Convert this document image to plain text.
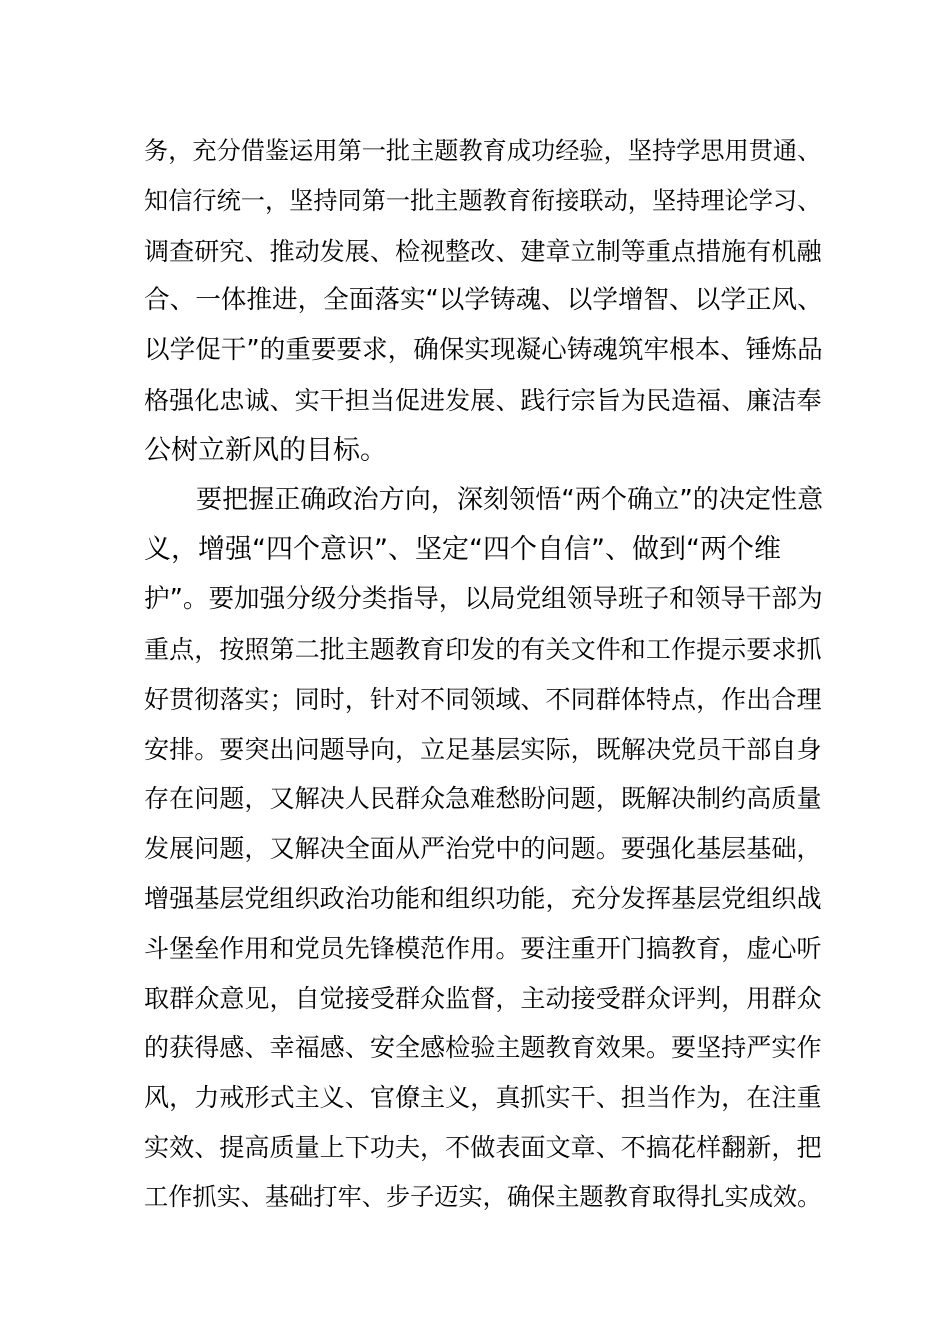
务，充分借鉴运用第一批主题教育成功经验，坚持学思用贯通、
知信行统一，坚持同第一批主题教育衔接联动，坚持理论学习、
调查研究、推动发展、检视整改、建章立制等重点措施有机融
合、一体推进，全面落实“以学铸魂、以学增智、以学正风、
以学促干”的重要要求，确保实现凝心铸魂筑牢根本、锤炼品
格强化忠诚、实干担当促进发展、践行宗旨为民造福、廉洁奉
公树立新风的目标。
要把握正确政治方向，深刻领悟“两个确立”的决定性意
义，增强“四个意识”、坚定“四个自信”、做到“两个维
护”。要加强分级分类指导，以局党组领导班子和领导干部为
重点，按照第二批主题教育印发的有关文件和工作提示要求抓
好贯彻落实；同时，针对不同领域、不同群体特点，作出合理
安排。要突出问题导向，立足基层实际，既解决党员干部自身
存在问题，又解决人民群众急难愁盼问题，既解决制约高质量
发展问题，又解决全面从严治党中的问题。要强化基层基础，
增强基层党组织政治功能和组织功能，充分发挥基层党组织战
斗堡垒作用和党员先锋模范作用。要注重开门搞教育，虚心听
取群众意见，自觉接受群众监督，主动接受群众评判，用群众
的获得感、幸福感、安全感检验主题教育效果。要坚持严实作
风，力戒形式主义、官僚主义，真抓实干、担当作为，在注重
实效、提高质量上下功夫，不做表面文章、不搞花样翻新，把
工作抓实、基础打牢、步子迈实，确保主题教育取得扎实成效。
